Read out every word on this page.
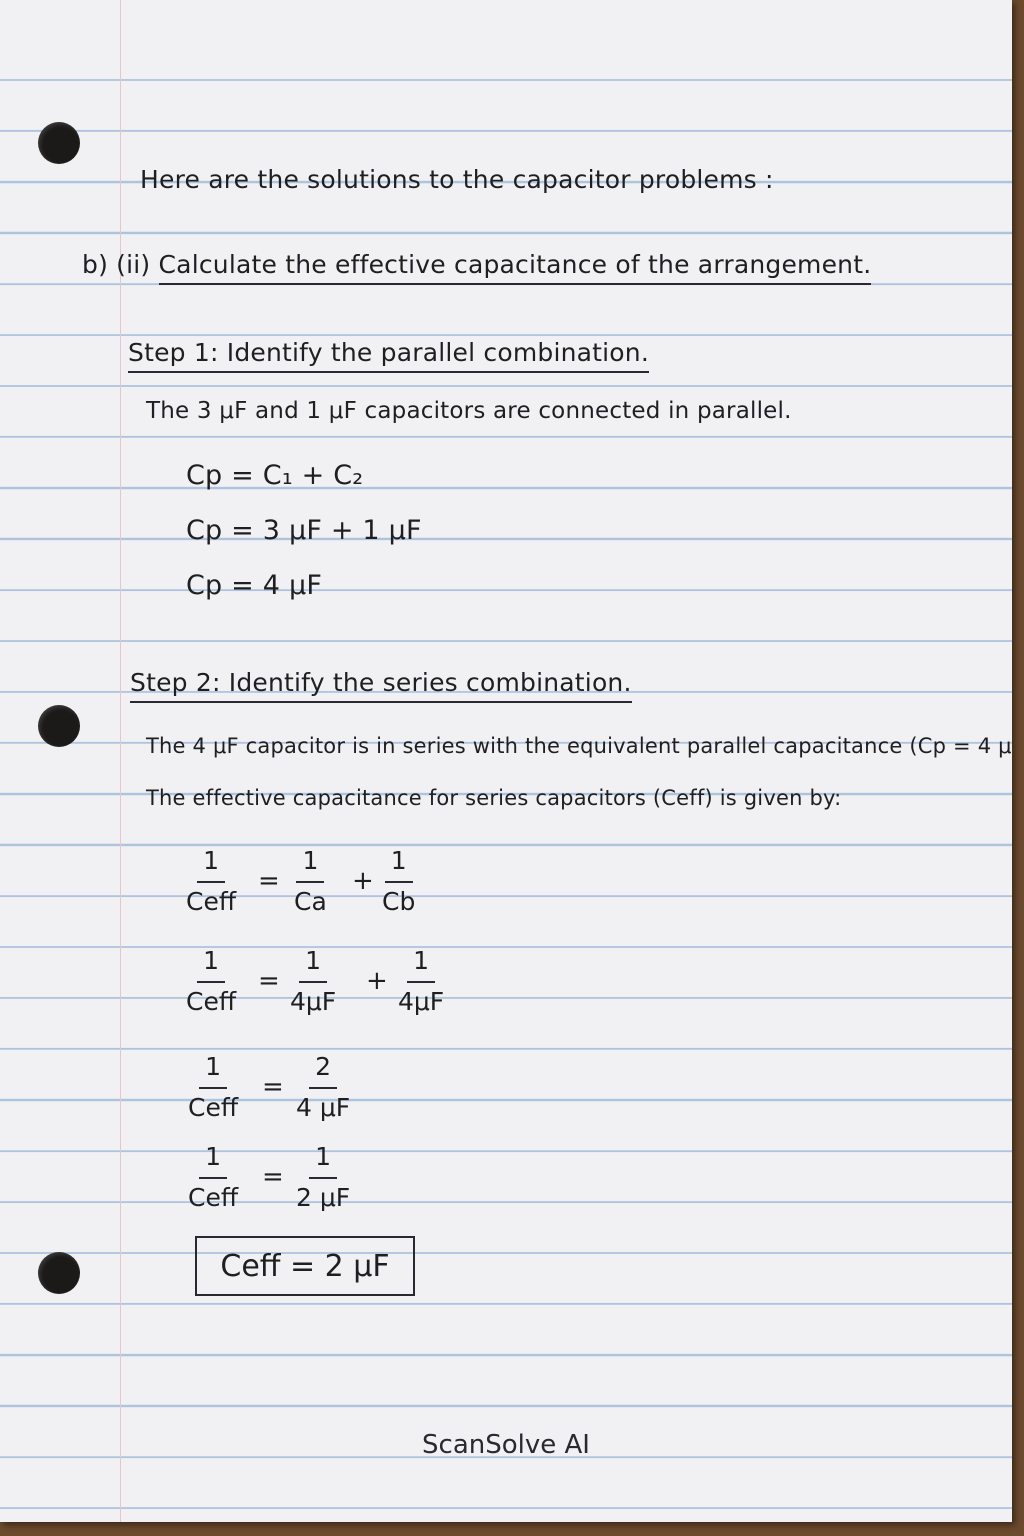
Here are the solutions to the capacitor problems :

b) (ii) Calculate the effective capacitance of the arrangement.

Step 1: Identify the parallel combination.

The 3 μF and 1 μF capacitors are connected in parallel.

Cp = C₁ + C₂

Cp = 3 μF + 1 μF

Cp = 4 μF

Step 2: Identify the series combination.

The 4 μF capacitor is in series with the equivalent parallel capacitance (Cp = 4 μ

The effective capacitance for series capacitors (Ceff) is given by:

1
Ceff
= $\frac{1}{Ca} + \frac{1}{Cb}$
1
Ceff
= $\frac{1}{4\mu F} + \frac{1}{4\mu F}$
1
Ceff
= $\frac{2}{4 \mu F}$
1
Ceff
= $\frac{1}{2 \mu F}$
Ceff = 2 μF
ScanSolve AI
